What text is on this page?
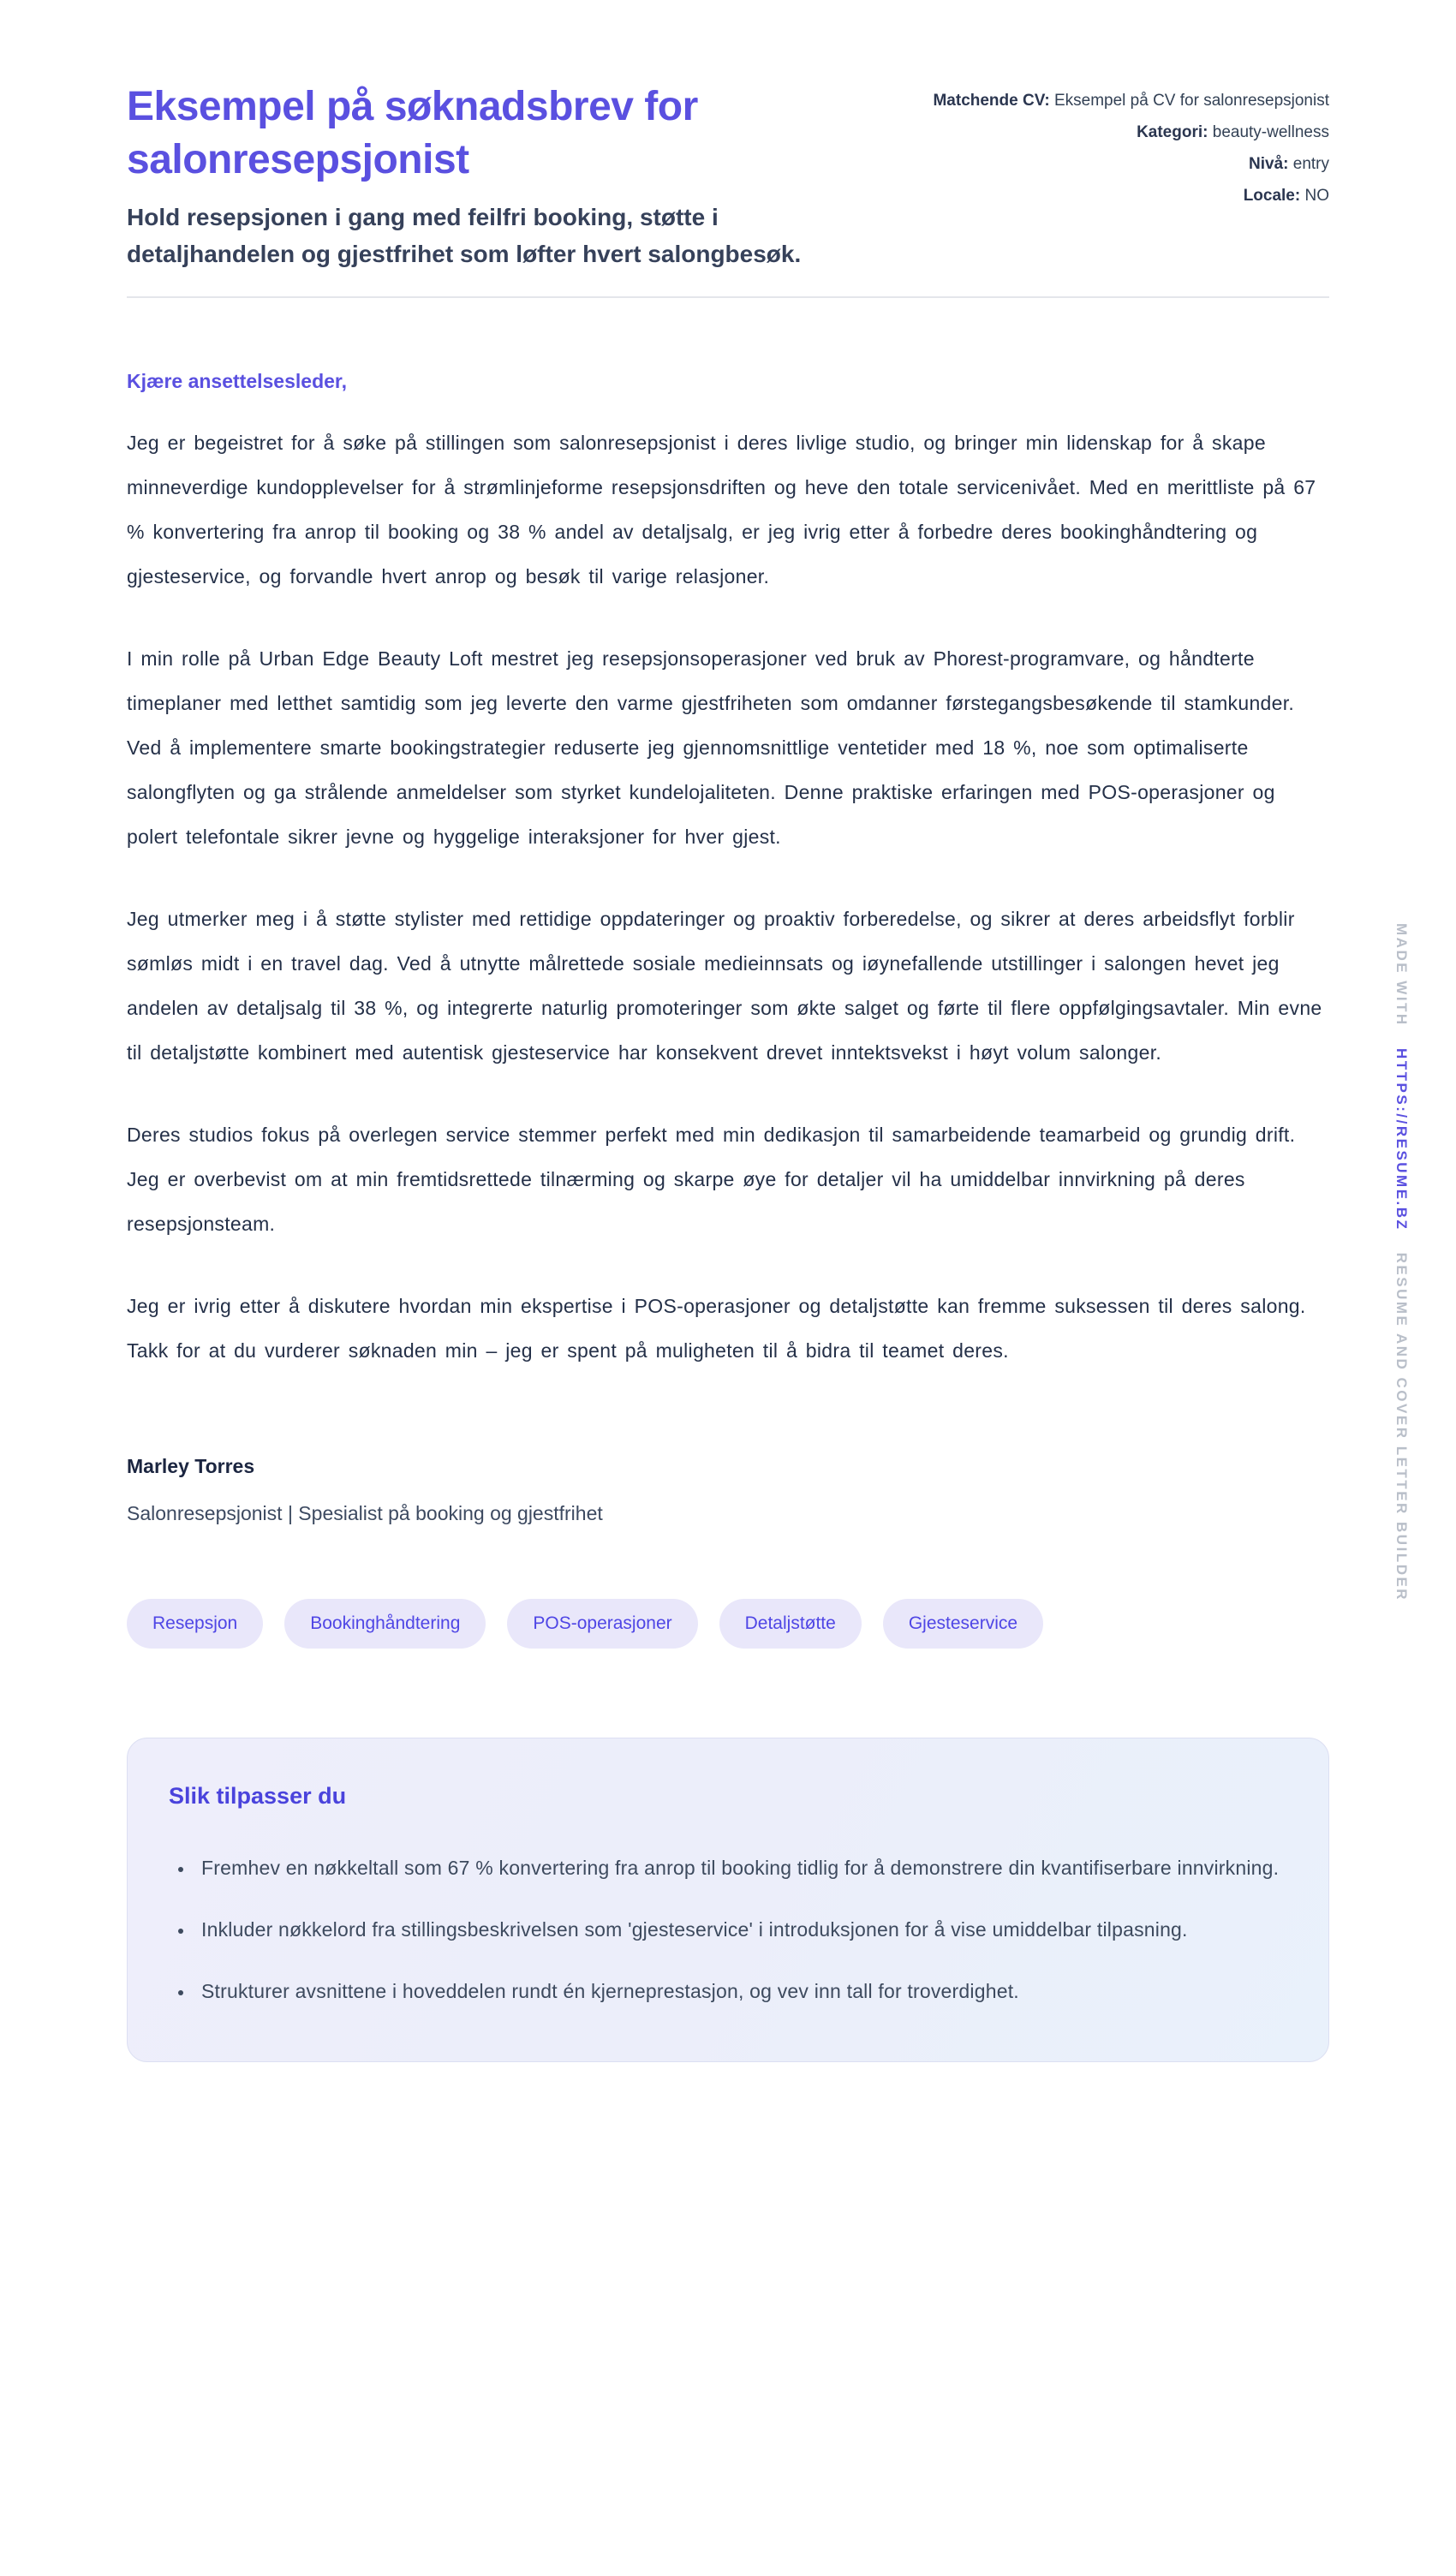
Eksempel på søknadsbrev for salonresepsjonist

Hold resepsjonen i gang med feilfri booking, støtte i detaljhandelen og gjestfrihet som løfter hvert salongbesøk.

Matchende CV: Eksempel på CV for salonresepsjonist
Kategori: beauty-wellness
Nivå: entry
Locale: NO

Kjære ansettelsesleder,

Jeg er begeistret for å søke på stillingen som salonresepsjonist i deres livlige studio, og bringer min lidenskap for å skape minneverdige kundopplevelser for å strømlinjeforme resepsjonsdriften og heve den totale servicenivået. Med en merittliste på 67 % konvertering fra anrop til booking og 38 % andel av detaljsalg, er jeg ivrig etter å forbedre deres bookinghåndtering og gjesteservice, og forvandle hvert anrop og besøk til varige relasjoner.

I min rolle på Urban Edge Beauty Loft mestret jeg resepsjonsoperasjoner ved bruk av Phorest-programvare, og håndterte timeplaner med letthet samtidig som jeg leverte den varme gjestfriheten som omdanner førstegangsbesøkende til stamkunder. Ved å implementere smarte bookingstrategier reduserte jeg gjennomsnittlige ventetider med 18 %, noe som optimaliserte salongflyten og ga strålende anmeldelser som styrket kundelojaliteten. Denne praktiske erfaringen med POS-operasjoner og polert telefontale sikrer jevne og hyggelige interaksjoner for hver gjest.

Jeg utmerker meg i å støtte stylister med rettidige oppdateringer og proaktiv forberedelse, og sikrer at deres arbeidsflyt forblir sømløs midt i en travel dag. Ved å utnytte målrettede sosiale medieinnsats og iøynefallende utstillinger i salongen hevet jeg andelen av detaljsalg til 38 %, og integrerte naturlig promoteringer som økte salget og førte til flere oppfølgingsavtaler. Min evne til detaljstøtte kombinert med autentisk gjesteservice har konsekvent drevet inntektsvekst i høyt volum salonger.

Deres studios fokus på overlegen service stemmer perfekt med min dedikasjon til samarbeidende teamarbeid og grundig drift. Jeg er overbevist om at min fremtidsrettede tilnærming og skarpe øye for detaljer vil ha umiddelbar innvirkning på deres resepsjonsteam.

Jeg er ivrig etter å diskutere hvordan min ekspertise i POS-operasjoner og detaljstøtte kan fremme suksessen til deres salong. Takk for at du vurderer søknaden min – jeg er spent på muligheten til å bidra til teamet deres.

Marley Torres

Salonresepsjonist | Spesialist på booking og gjestfrihet

Resepsjon	Bookinghåndtering	POS-operasjoner	Detaljstøtte	Gjesteservice
Slik tilpasser du
• Fremhev en nøkkeltall som 67 % konvertering fra anrop til booking tidlig for å demonstrere din kvantifiserbare innvirkning.
• Inkluder nøkkelord fra stillingsbeskrivelsen som 'gjesteservice' i introduksjonen for å vise umiddelbar tilpasning.
• Strukturer avsnittene i hoveddelen rundt én kjerneprestasjon, og vev inn tall for troverdighet.
MADE WITH HTTPS://RESUME.BZ RESUME AND COVER LETTER BUILDER
